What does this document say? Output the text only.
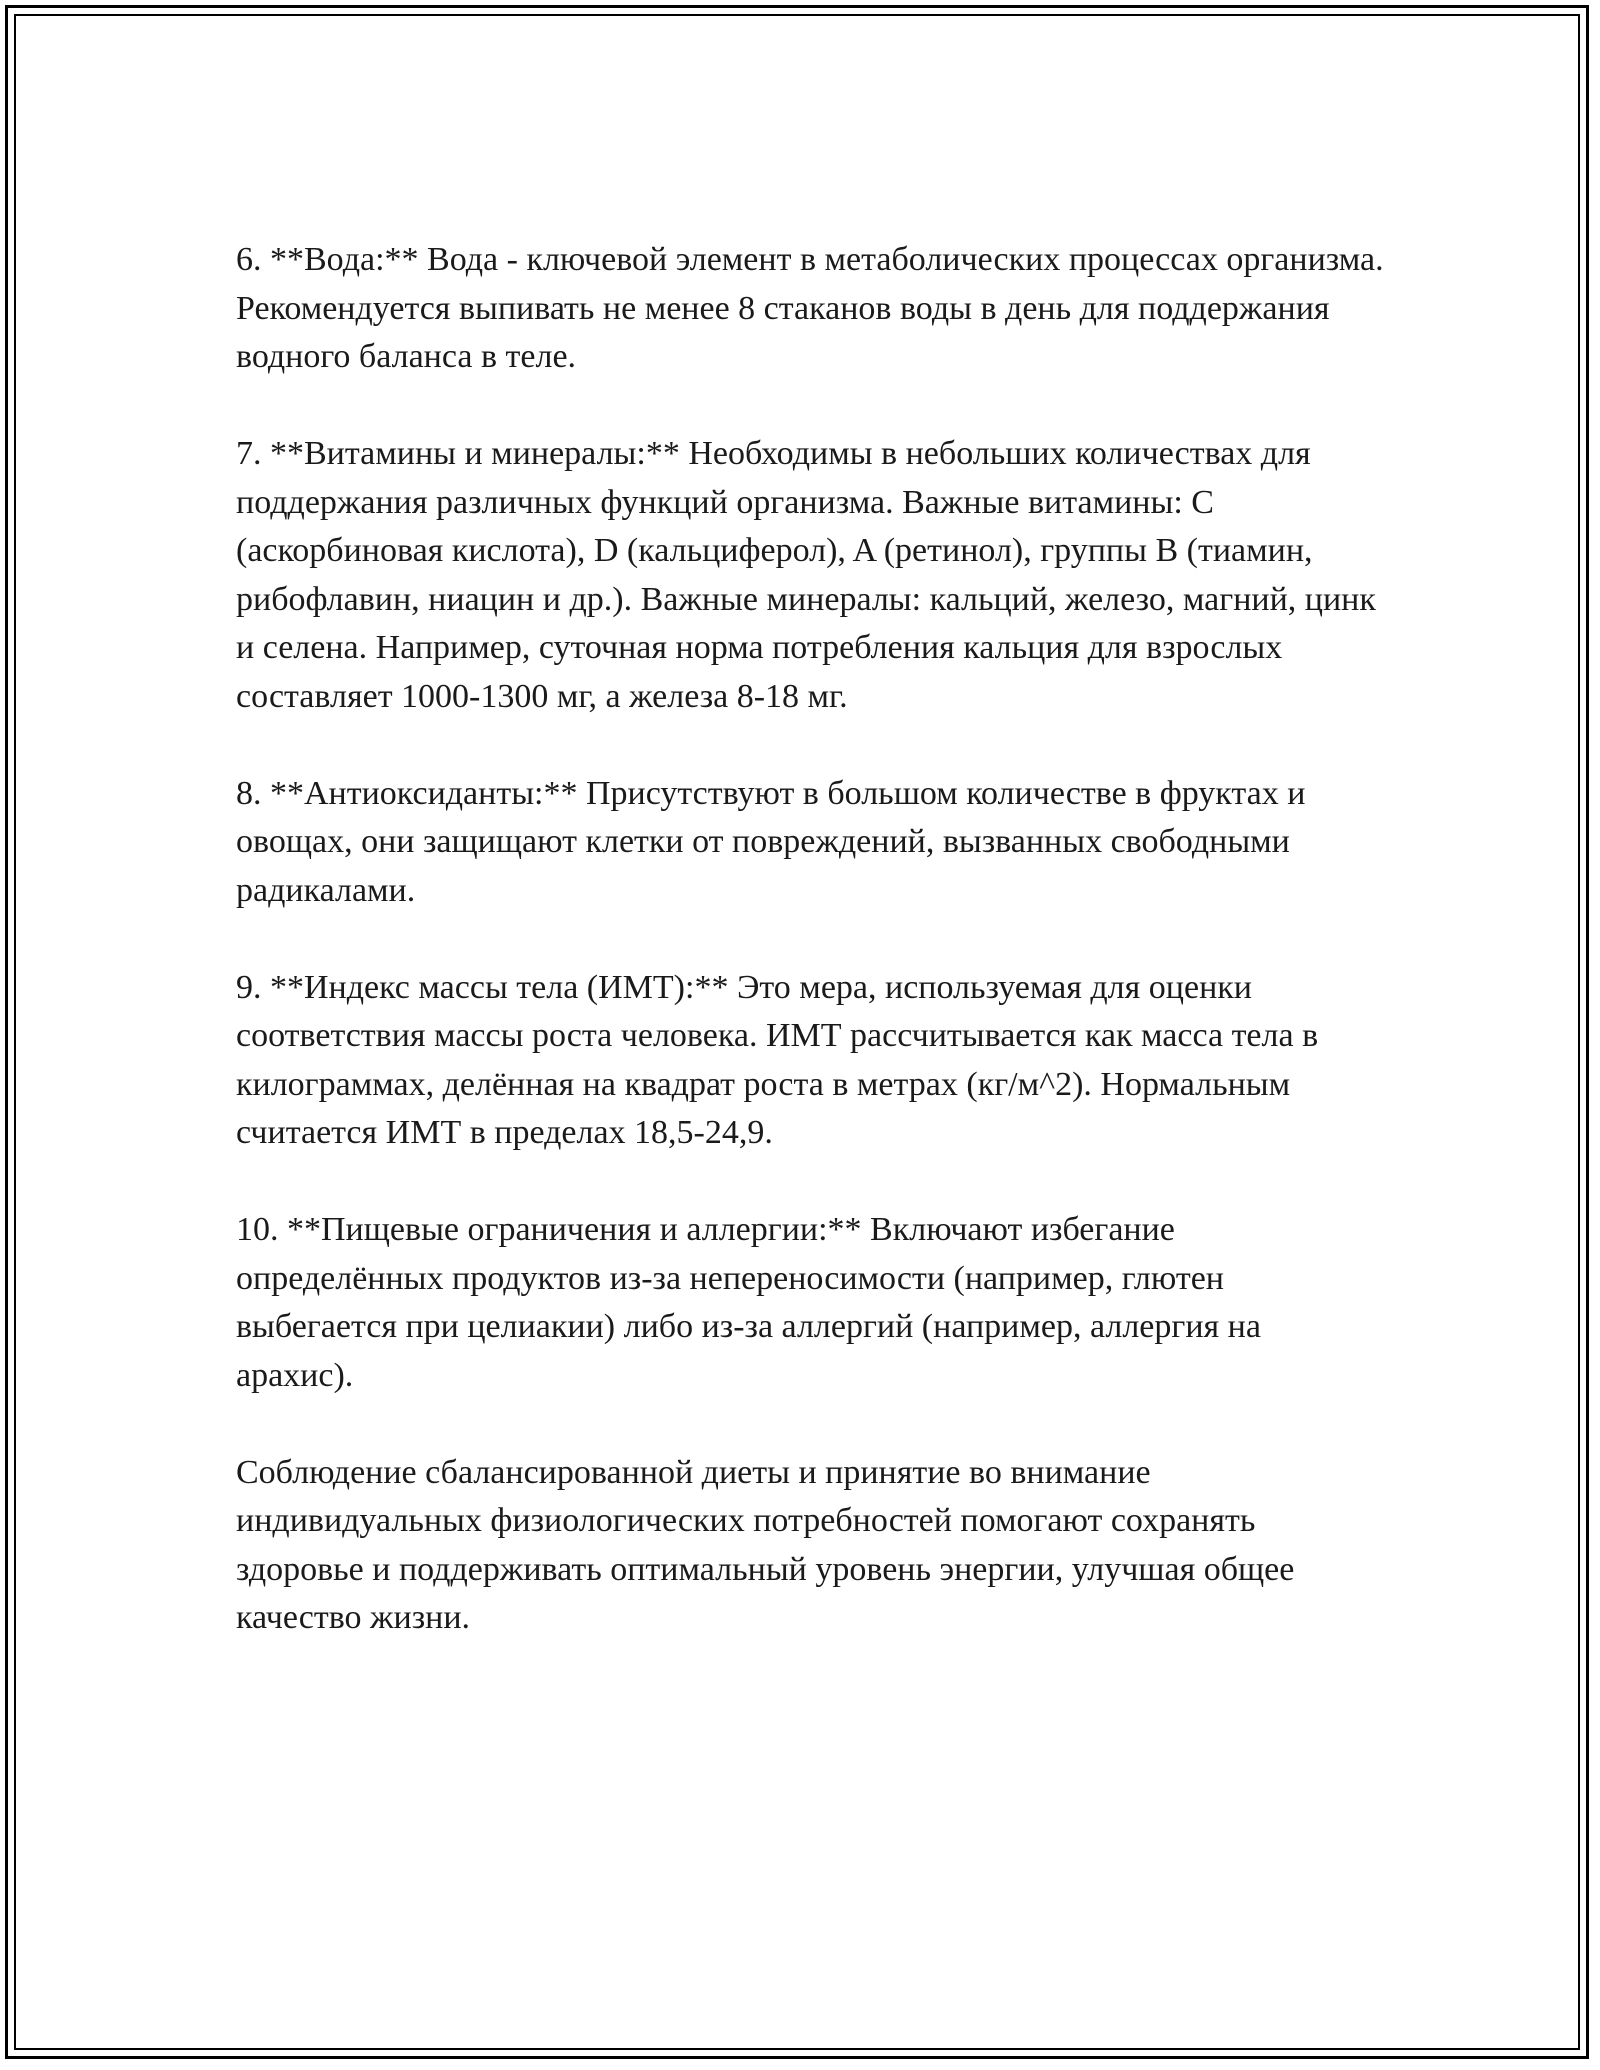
6. **Вода:** Вода - ключевой элемент в метаболических процессах организма. Рекомендуется выпивать не менее 8 стаканов воды в день для поддержания водного баланса в теле.

7. **Витамины и минералы:** Необходимы в небольших количествах для поддержания различных функций организма. Важные витамины: C (аскорбиновая кислота), D (кальциферол), A (ретинол), группы B (тиамин, рибофлавин, ниацин и др.). Важные минералы: кальций, железо, магний, цинк и селена. Например, суточная норма потребления кальция для взрослых составляет 1000-1300 мг, а железа 8-18 мг.

8. **Антиоксиданты:** Присутствуют в большом количестве в фруктах и овощах, они защищают клетки от повреждений, вызванных свободными радикалами.

9. **Индекс массы тела (ИМТ):** Это мера, используемая для оценки соответствия массы роста человека. ИМТ рассчитывается как масса тела в килограммах, делённая на квадрат роста в метрах (кг/м^2). Нормальным считается ИМТ в пределах 18,5-24,9.

10. **Пищевые ограничения и аллергии:** Включают избегание определённых продуктов из-за непереносимости (например, глютен выбегается при целиакии) либо из-за аллергий (например, аллергия на арахис).

Соблюдение сбалансированной диеты и принятие во внимание индивидуальных физиологических потребностей помогают сохранять здоровье и поддерживать оптимальный уровень энергии, улучшая общее качество жизни.
